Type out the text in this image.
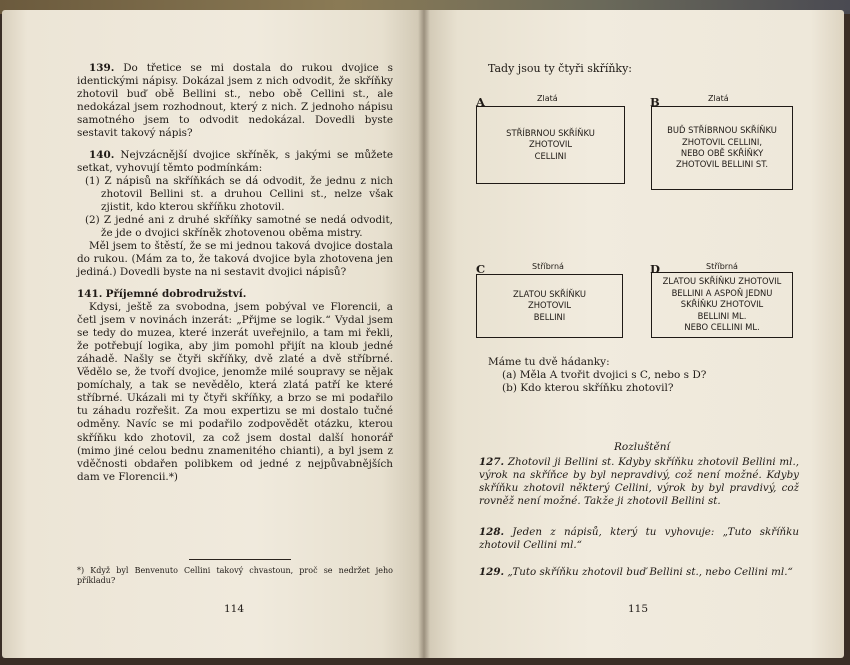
139. Do třetice se mi dostala do rukou dvojice s identickými nápisy. Dokázal jsem z nich odvodit, že skříňky zhotovil buď obě Bellini st., nebo obě Cellini st., ale nedokázal jsem rozhodnout, který z nich. Z jednoho nápisu samotného jsem to odvodit nedokázal. Dovedli byste sestavit takový nápis?

140. Nejvzácnější dvojice skříněk, s jakými se můžete setkat, vyhovují těmto podmínkám:

(1) Z nápisů na skříňkách se dá odvodit, že jednu z nich zhotovil Bellini st. a druhou Cellini st., nelze však zjistit, kdo kterou skříňku zhotovil.
(2) Z jedné ani z druhé skříňky samotné se nedá odvodit, že jde o dvojici skříněk zhotovenou oběma mistry.

Měl jsem to štěstí, že se mi jednou taková dvojice dostala do rukou. (Mám za to, že taková dvojice byla zhotovena jen jediná.) Dovedli byste na ni sestavit dvojici nápisů?

141. Příjemné dobrodružství.

Kdysi, ještě za svobodna, jsem pobýval ve Florencii, a četl jsem v novinách inzerát: „Přijme se logik.“ Vydal jsem se tedy do muzea, které inzerát uveřejnilo, a tam mi řekli, že potřebují logika, aby jim pomohl přijít na kloub jedné záhadě. Našly se čtyři skříňky, dvě zlaté a dvě stříbrné. Vědělo se, že tvoří dvojice, jenomže milé soupravy se nějak pomíchaly, a tak se nevědělo, která zlatá patří ke které stříbrné. Ukázali mi ty čtyři skříňky, a brzo se mi podařilo tu záhadu rozřešit. Za mou expertizu se mi dostalo tučné odměny. Navíc se mi podařilo zodpovědět otázku, kterou skříňku kdo zhotovil, za což jsem dostal další honorář (mimo jiné celou bednu znamenitého chianti), a byl jsem z vděčnosti obdařen polibkem od jedné z nejpůvabnějších dam ve Florencii.*)

*) Když byl Benvenuto Cellini takový chvastoun, proč se nedržet jeho příkladu?
114
Tady jsou ty čtyři skříňky:
A	Zlatá
STŘÍBRNOU SKŘÍŇKU
ZHOTOVIL
CELLINI
B	Zlatá
BUĎ STŘÍBRNOU SKŘÍŇKU
ZHOTOVIL CELLINI,
NEBO OBĚ SKŘÍŇKY
ZHOTOVIL BELLINI ST.
C	Stříbrná
ZLATOU SKŘÍŇKU
ZHOTOVIL
BELLINI
D	Stříbrná
ZLATOU SKŘÍŇKU ZHOTOVIL
BELLINI A ASPOŇ JEDNU
SKŘÍŇKU ZHOTOVIL
BELLINI ML.
NEBO CELLINI ML.
Máme tu dvě hádanky:
(a) Měla A tvořit dvojici s C, nebo s D?
(b) Kdo kterou skříňku zhotovil?
Rozluštění

127. Zhotovil ji Bellini st. Kdyby skříňku zhotovil Bellini ml., výrok na skříňce by byl nepravdivý, což není možné. Kdyby skříňku zhotovil některý Cellini, výrok by byl pravdivý, což rovněž není možné. Takže ji zhotovil Bellini st.

128. Jeden z nápisů, který tu vyhovuje: „Tuto skříňku zhotovil Cellini ml.“

129. „Tuto skříňku zhotovil buď Bellini st., nebo Cellini ml.“

115
